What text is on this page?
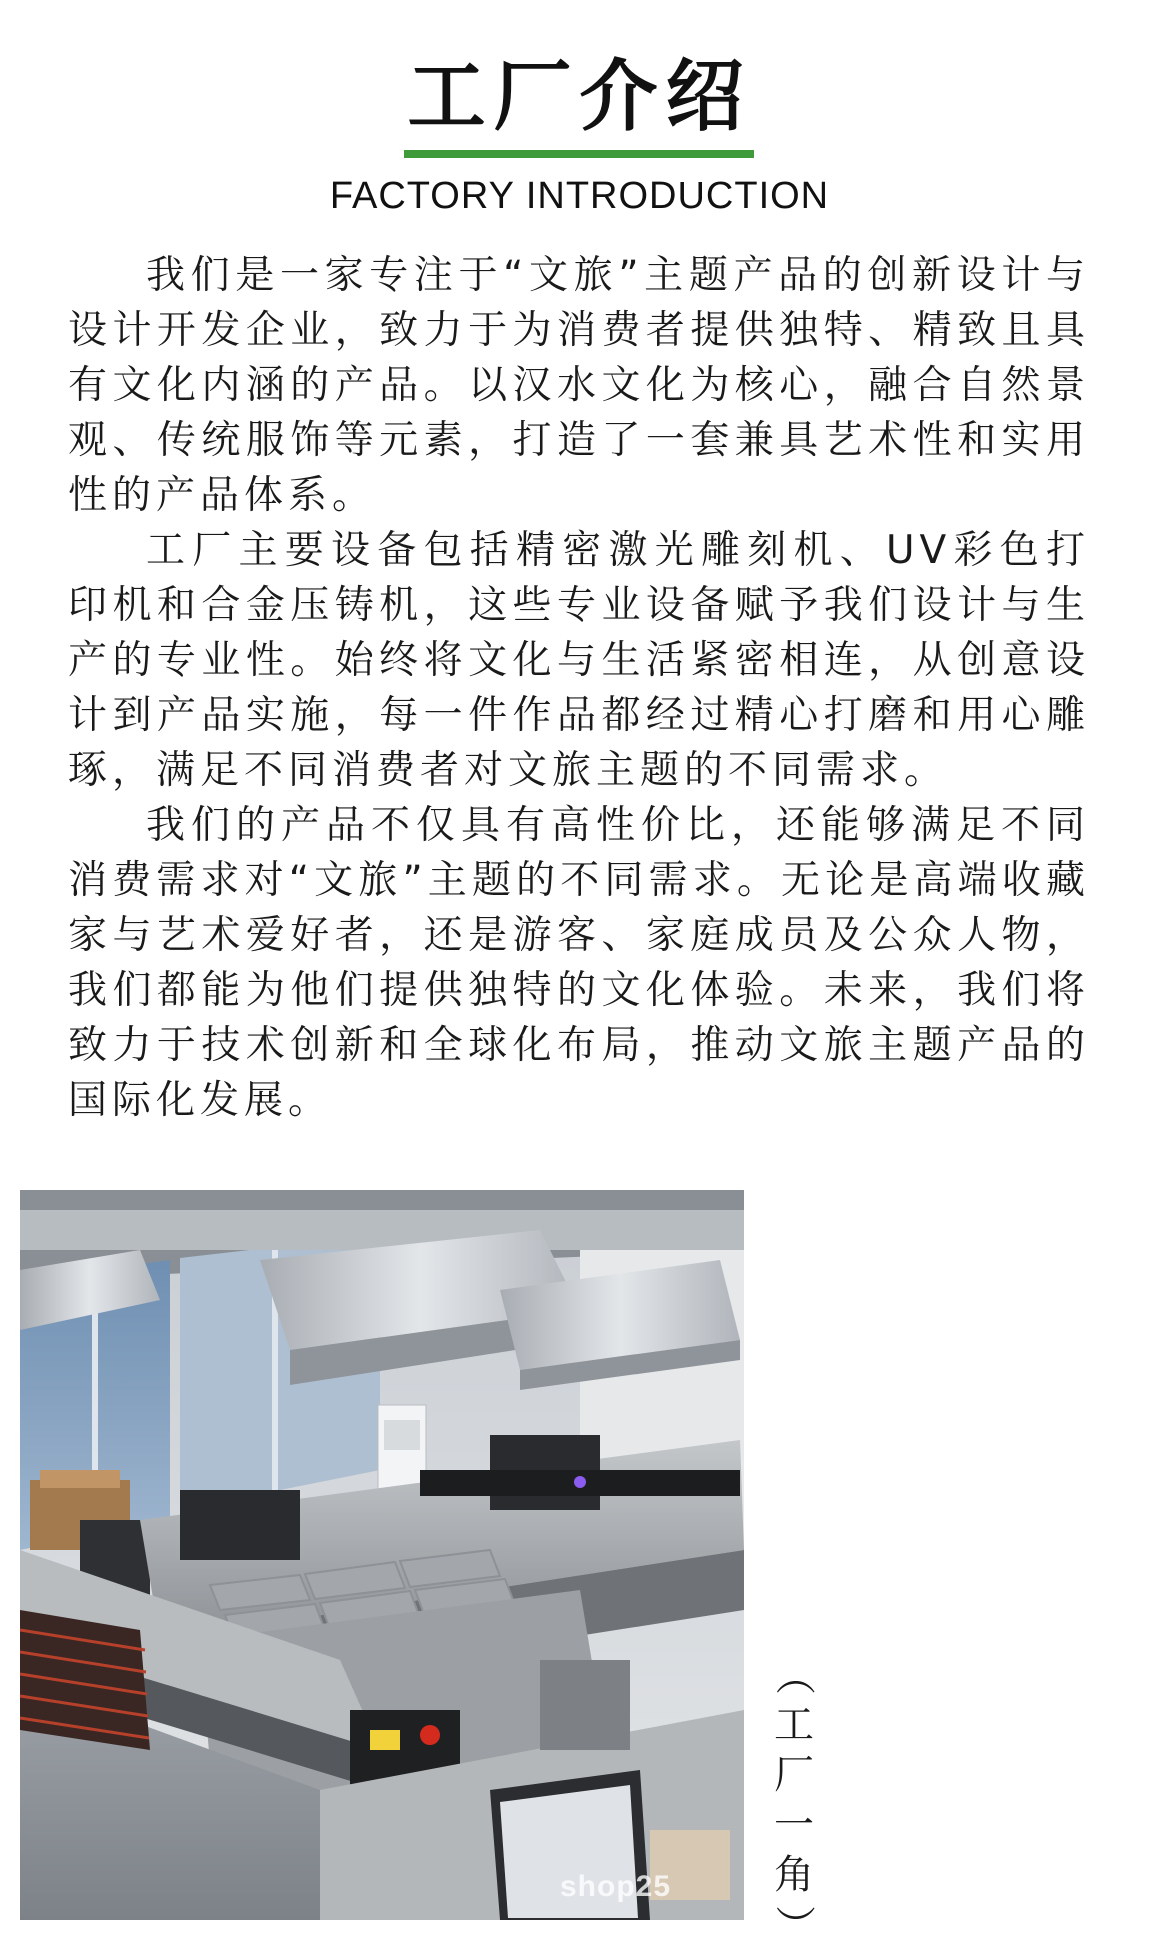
工厂介绍
FACTORY INTRODUCTION

我们是一家专注于“文旅”主题产品的创新设计与设计开发企业，致力于为消费者提供独特、精致且具有文化内涵的产品。以汉水文化为核心，融合自然景观、传统服饰等元素，打造了一套兼具艺术性和实用性的产品体系。

工厂主要设备包括精密激光雕刻机、UV彩色打印机和合金压铸机，这些专业设备赋予我们设计与生产的专业性。始终将文化与生活紧密相连，从创意设计到产品实施，每一件作品都经过精心打磨和用心雕琢，满足不同消费者对文旅主题的不同需求。

我们的产品不仅具有高性价比，还能够满足不同消费需求对“文旅”主题的不同需求。无论是高端收藏家与艺术爱好者，还是游客、家庭成员及公众人物，我们都能为他们提供独特的文化体验。未来，我们将致力于技术创新和全球化布局，推动文旅主题产品的国际化发展。

shop25
（
工
厂
一
角
）
